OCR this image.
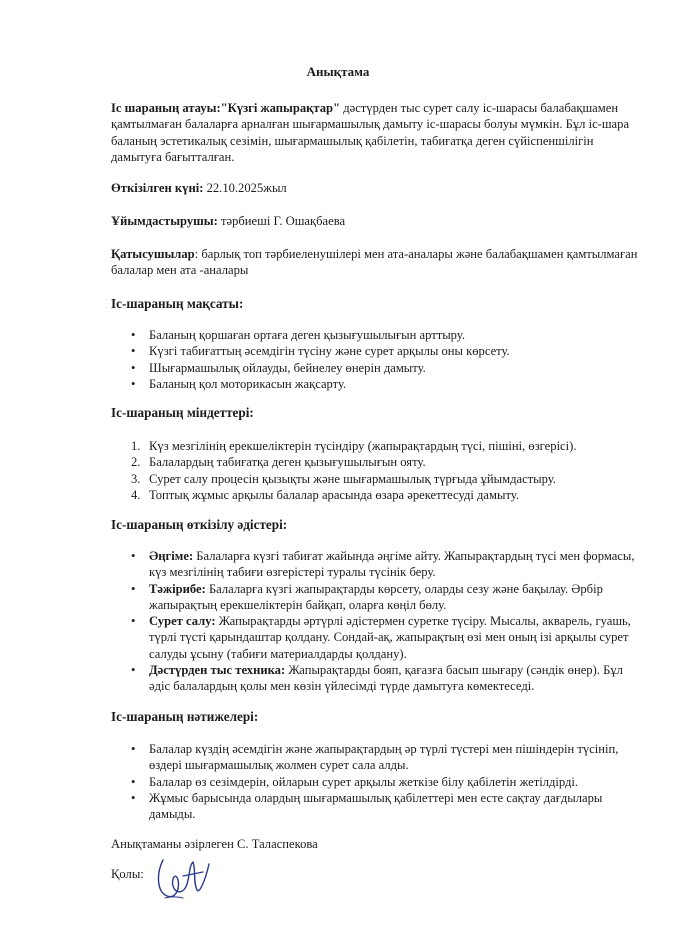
Анықтама
Іс шараның атауы:"Күзгі жапырақтар" дәстүрден тыс сурет салу іс-шарасы балабақшамен қамтылмаған балаларға арналған шығармашылық дамыту іс-шарасы болуы мүмкін. Бұл іс-шара баланың эстетикалық сезімін, шығармашылық қабілетін, табиғатқа деген сүйіспеншілігін дамытуға бағытталған.
Өткізілген күні: 22.10.2025жыл
Ұйымдастырушы: тәрбиеші Г. Ошақбаева
Қатысушылар: барлық топ тәрбиеленушілері мен ата-аналары және балабақшамен қамтылмаған балалар мен ата -аналары
Іс-шараның мақсаты:
• Баланың қоршаған ортаға деген қызығушылығын арттыру.
• Күзгі табиғаттың әсемдігін түсіну және сурет арқылы оны көрсету.
• Шығармашылық ойлауды, бейнелеу өнерін дамыту.
• Баланың қол моторикасын жақсарту.
Іс-шараның міндеттері:
1. Күз мезгілінің ерекшеліктерін түсіндіру (жапырақтардың түсі, пішіні, өзгерісі).
2. Балалардың табиғатқа деген қызығушылығын ояту.
3. Сурет салу процесін қызықты және шығармашылық түрғыда ұйымдастыру.
4. Топтық жұмыс арқылы балалар арасында өзара әрекеттесуді дамыту.
Іс-шараның өткізілу әдістері:
• Әңгіме: Балаларға күзгі табиғат жайында әңгіме айту. Жапырақтардың түсі мен формасы, күз мезгілінің табиғи өзгерістері туралы түсінік беру.
• Тәжірибе: Балаларға күзгі жапырақтарды көрсету, оларды сезу және бақылау. Әрбір жапырақтың ерекшеліктерін байқап, оларға көңіл бөлу.
• Сурет салу: Жапырақтарды әртүрлі әдістермен суретке түсіру. Мысалы, акварель, гуашь, түрлі түсті қарындаштар қолдану. Сондай-ақ, жапырақтың өзі мен оның ізі арқылы сурет салуды ұсыну (табиғи материалдарды қолдану).
• Дәстүрден тыс техника: Жапырақтарды бояп, қағазға басып шығару (сәндік өнер). Бұл әдіс балалардың қолы мен көзін үйлесімді түрде дамытуға көмектеседі.
Іс-шараның нәтижелері:
• Балалар күздің әсемдігін және жапырақтардың әр түрлі түстері мен пішіндерін түсініп, өздері шығармашылық жолмен сурет сала алды.
• Балалар өз сезімдерін, ойларын сурет арқылы жеткізе білу қабілетін жетілдірді.
• Жұмыс барысында олардың шығармашылық қабілеттері мен есте сақтау дағдылары дамыды.
Анықтаманы әзірлеген С. Таласпекова
Қолы:
